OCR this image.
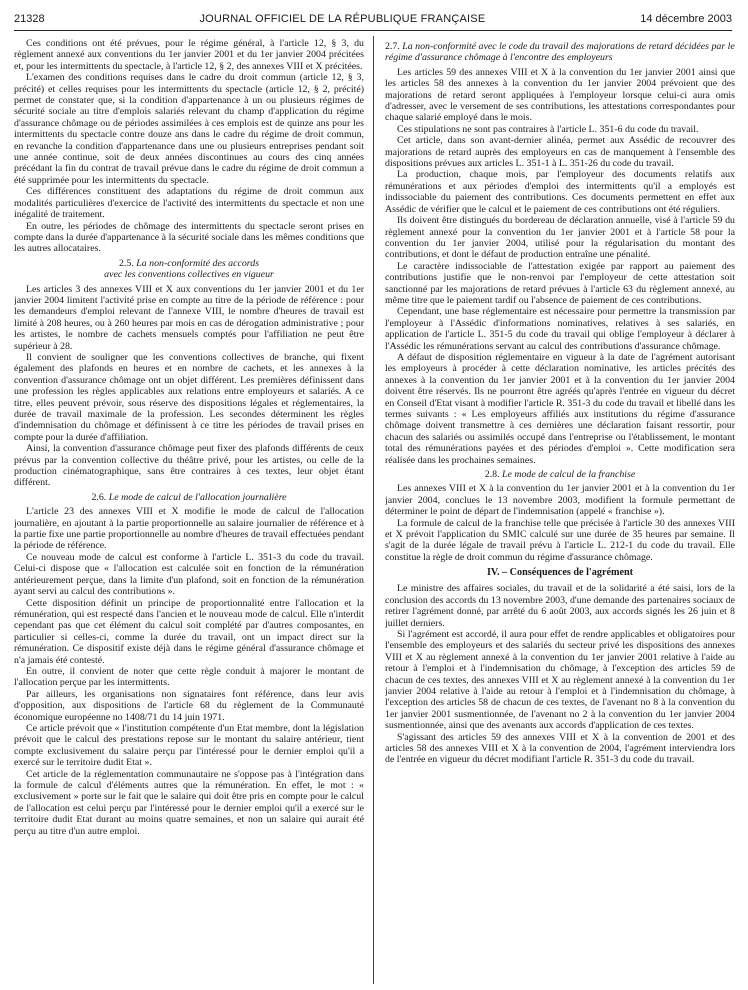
21328	JOURNAL OFFICIEL DE LA RÉPUBLIQUE FRANÇAISE	14 décembre 2003

Ces conditions ont été prévues, pour le régime général, à l'article 12, § 3, du règlement annexé aux conventions du 1er janvier 2001 et du 1er janvier 2004 précitées et, pour les intermittents du spectacle, à l'article 12, § 2, des annexes VIII et X précitées.

L'examen des conditions requises dans le cadre du droit commun (article 12, § 3, précité) et celles requises pour les intermittents du spectacle (article 12, § 2, précité) permet de constater que, si la condition d'appartenance à un ou plusieurs régimes de sécurité sociale au titre d'emplois salariés relevant du champ d'application du régime d'assurance chômage ou de périodes assimilées à ces emplois est de quinze ans pour les intermittents du spectacle contre douze ans dans le cadre du régime de droit commun, en revanche la condition d'appartenance dans une ou plusieurs entreprises pendant soit une année continue, soit de deux années discontinues au cours des cinq années précédant la fin du contrat de travail prévue dans le cadre du régime de droit commun a été supprimée pour les intermittents du spectacle.

Ces différences constituent des adaptations du régime de droit commun aux modalités particulières d'exercice de l'activité des intermittents du spectacle et non une inégalité de traitement.

En outre, les périodes de chômage des intermittents du spectacle seront prises en compte dans la durée d'appartenance à la sécurité sociale dans les mêmes conditions que les autres allocataires.

2.5. La non-conformité des accords
avec les conventions collectives en vigueur

Les articles 3 des annexes VIII et X aux conventions du 1er janvier 2001 et du 1er janvier 2004 limitent l'activité prise en compte au titre de la période de référence : pour les demandeurs d'emploi relevant de l'annexe VIII, le nombre d'heures de travail est limité à 208 heures, ou à 260 heures par mois en cas de dérogation administrative ; pour les artistes, le nombre de cachets mensuels comptés pour l'affiliation ne peut être supérieur à 28.

Il convient de souligner que les conventions collectives de branche, qui fixent également des plafonds en heures et en nombre de cachets, et les annexes à la convention d'assurance chômage ont un objet différent. Les premières définissent dans une profession les règles applicables aux relations entre employeurs et salariés. A ce titre, elles peuvent prévoir, sous réserve des dispositions légales et réglementaires, la durée de travail maximale de la profession. Les secondes déterminent les règles d'indemnisation du chômage et définissent à ce titre les périodes de travail prises en compte pour la durée d'affiliation.

Ainsi, la convention d'assurance chômage peut fixer des plafonds différents de ceux prévus par la convention collective du théâtre privé, pour les artistes, ou celle de la production cinématographique, sans être contraires à ces textes, leur objet étant différent.

2.6. Le mode de calcul de l'allocation journalière

L'article 23 des annexes VIII et X modifie le mode de calcul de l'allocation journalière, en ajoutant à la partie proportionnelle au salaire journalier de référence et à la partie fixe une partie proportionnelle au nombre d'heures de travail effectuées pendant la période de référence.

Ce nouveau mode de calcul est conforme à l'article L. 351-3 du code du travail. Celui-ci dispose que « l'allocation est calculée soit en fonction de la rémunération antérieurement perçue, dans la limite d'un plafond, soit en fonction de la rémunération ayant servi au calcul des contributions ».

Cette disposition définit un principe de proportionnalité entre l'allocation et la rémunération, qui est respecté dans l'ancien et le nouveau mode de calcul. Elle n'interdit cependant pas que cet élément du calcul soit complété par d'autres composantes, en particulier si celles-ci, comme la durée du travail, ont un impact direct sur la rémunération. Ce dispositif existe déjà dans le régime général d'assurance chômage et n'a jamais été contesté.

En outre, il convient de noter que cette règle conduit à majorer le montant de l'allocation perçue par les intermittents.

Par ailleurs, les organisations non signataires font référence, dans leur avis d'opposition, aux dispositions de l'article 68 du règlement de la Communauté économique européenne no 1408/71 du 14 juin 1971.

Ce article prévoit que « l'institution compétente d'un Etat membre, dont la législation prévoit que le calcul des prestations repose sur le montant du salaire antérieur, tient compte exclusivement du salaire perçu par l'intéressé pour le dernier emploi qu'il a exercé sur le territoire dudit Etat ».

Cet article de la réglementation communautaire ne s'oppose pas à l'intégration dans la formule de calcul d'éléments autres que la rémunération. En effet, le mot : « exclusivement » porte sur le fait que le salaire qui doit être pris en compte pour le calcul de l'allocation est celui perçu par l'intéressé pour le dernier emploi qu'il a exercé sur le territoire dudit Etat durant au moins quatre semaines, et non un salaire qui aurait été perçu au titre d'un autre emploi.

2.7. La non-conformité avec le code du travail des majorations de retard décidées par le régime d'assurance chômage à l'encontre des employeurs

Les articles 59 des annexes VIII et X à la convention du 1er janvier 2001 ainsi que les articles 58 des annexes à la convention du 1er janvier 2004 prévoient que des majorations de retard seront appliquées à l'employeur lorsque celui-ci aura omis d'adresser, avec le versement de ses contributions, les attestations correspondantes pour chaque salarié employé dans le mois.

Ces stipulations ne sont pas contraires à l'article L. 351-6 du code du travail.

Cet article, dans son avant-dernier alinéa, permet aux Assédic de recouvrer des majorations de retard auprès des employeurs en cas de manquement à l'ensemble des dispositions prévues aux articles L. 351-1 à L. 351-26 du code du travail.

La production, chaque mois, par l'employeur des documents relatifs aux rémunérations et aux périodes d'emploi des intermittents qu'il a employés est indissociable du paiement des contributions. Ces documents permettent en effet aux Assédic de vérifier que le calcul et le paiement de ces contributions ont été réguliers.

Ils doivent être distingués du bordereau de déclaration annuelle, visé à l'article 59 du règlement annexé pour la convention du 1er janvier 2001 et à l'article 58 pour la convention du 1er janvier 2004, utilisé pour la régularisation du montant des contributions, et dont le défaut de production entraîne une pénalité.

Le caractère indissociable de l'attestation exigée par rapport au paiement des contributions justifie que le non-renvoi par l'employeur de cette attestation soit sanctionné par les majorations de retard prévues à l'article 63 du règlement annexé, au même titre que le paiement tardif ou l'absence de paiement de ces contributions.

Cependant, une base réglementaire est nécessaire pour permettre la transmission par l'employeur à l'Assédic d'informations nominatives, relatives à ses salariés, en application de l'article L. 351-5 du code du travail qui oblige l'employeur à déclarer à l'Assédic les rémunérations servant au calcul des contributions d'assurance chômage.

A défaut de disposition réglementaire en vigueur à la date de l'agrément autorisant les employeurs à procéder à cette déclaration nominative, les articles précités des annexes à la convention du 1er janvier 2001 et à la convention du 1er janvier 2004 doivent être réservés. Ils ne pourront être agréés qu'après l'entrée en vigueur du décret en Conseil d'Etat visant à modifier l'article R. 351-3 du code du travail et libellé dans les termes suivants : « Les employeurs affiliés aux institutions du régime d'assurance chômage doivent transmettre à ces dernières une déclaration faisant ressortir, pour chacun des salariés ou assimilés occupé dans l'entreprise ou l'établissement, le montant total des rémunérations payées et des périodes d'emploi ». Cette modification sera réalisée dans les prochaines semaines.

2.8. Le mode de calcul de la franchise

Les annexes VIII et X à la convention du 1er janvier 2001 et à la convention du 1er janvier 2004, conclues le 13 novembre 2003, modifient la formule permettant de déterminer le point de départ de l'indemnisation (appelé « franchise »).

La formule de calcul de la franchise telle que précisée à l'article 30 des annexes VIII et X prévoit l'application du SMIC calculé sur une durée de 35 heures par semaine. Il s'agit de la durée légale de travail prévu à l'article L. 212-1 du code du travail. Elle constitue la règle de droit commun du régime d'assurance chômage.

IV. – Conséquences de l'agrément

Le ministre des affaires sociales, du travail et de la solidarité a été saisi, lors de la conclusion des accords du 13 novembre 2003, d'une demande des partenaires sociaux de retirer l'agrément donné, par arrêté du 6 août 2003, aux accords signés les 26 juin et 8 juillet derniers.

Si l'agrément est accordé, il aura pour effet de rendre applicables et obligatoires pour l'ensemble des employeurs et des salariés du secteur privé les dispositions des annexes VIII et X au règlement annexé à la convention du 1er janvier 2001 relative à l'aide au retour à l'emploi et à l'indemnisation du chômage, à l'exception des articles 59 de chacun de ces textes, des annexes VIII et X au règlement annexé à la convention du 1er janvier 2004 relative à l'aide au retour à l'emploi et à l'indemnisation du chômage, à l'exception des articles 58 de chacun de ces textes, de l'avenant no 8 à la convention du 1er janvier 2001 susmentionnée, de l'avenant no 2 à la convention du 1er janvier 2004 susmentionnée, ainsi que des avenants aux accords d'application de ces textes.

S'agissant des articles 59 des annexes VIII et X à la convention de 2001 et des articles 58 des annexes VIII et X à la convention de 2004, l'agrément interviendra lors de l'entrée en vigueur du décret modifiant l'article R. 351-3 du code du travail.
